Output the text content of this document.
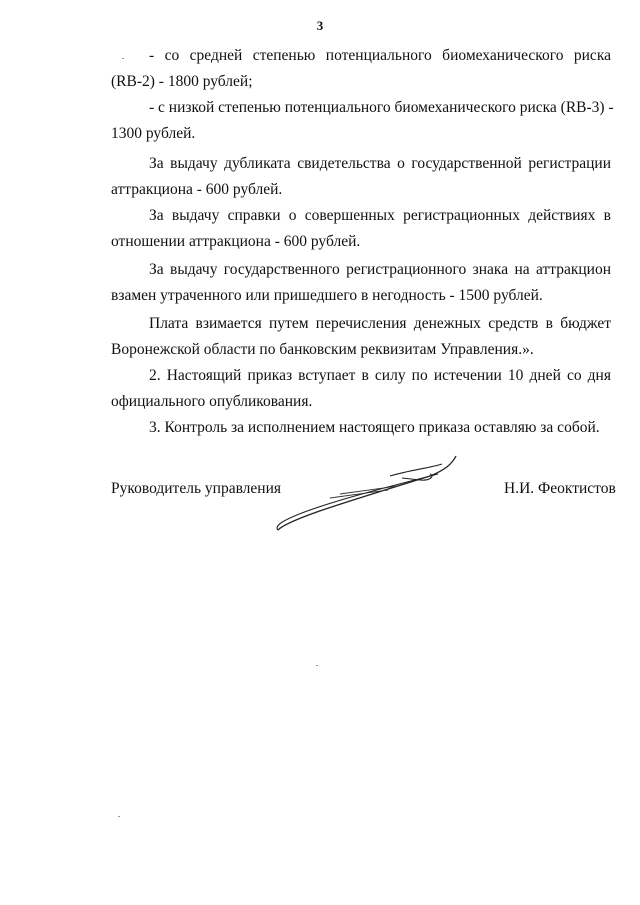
3
- со средней степенью потенциального биомеханического риска
(RB-2) - 1800 рублей;
- с низкой степенью потенциального биомеханического риска (RB-3) -
1300 рублей.
За выдачу дубликата свидетельства о государственной регистрации
аттракциона - 600 рублей.
За выдачу справки о совершенных регистрационных действиях в
отношении аттракциона - 600 рублей.
За выдачу государственного регистрационного знака на аттракцион
взамен утраченного или пришедшего в негодность - 1500 рублей.
Плата взимается путем перечисления денежных средств в бюджет
Воронежской области по банковским реквизитам Управления.».
2. Настоящий приказ вступает в силу по истечении 10 дней со дня
официального опубликования.
3. Контроль за исполнением настоящего приказа оставляю за собой.
Руководитель управления	Н.И. Феоктистов
